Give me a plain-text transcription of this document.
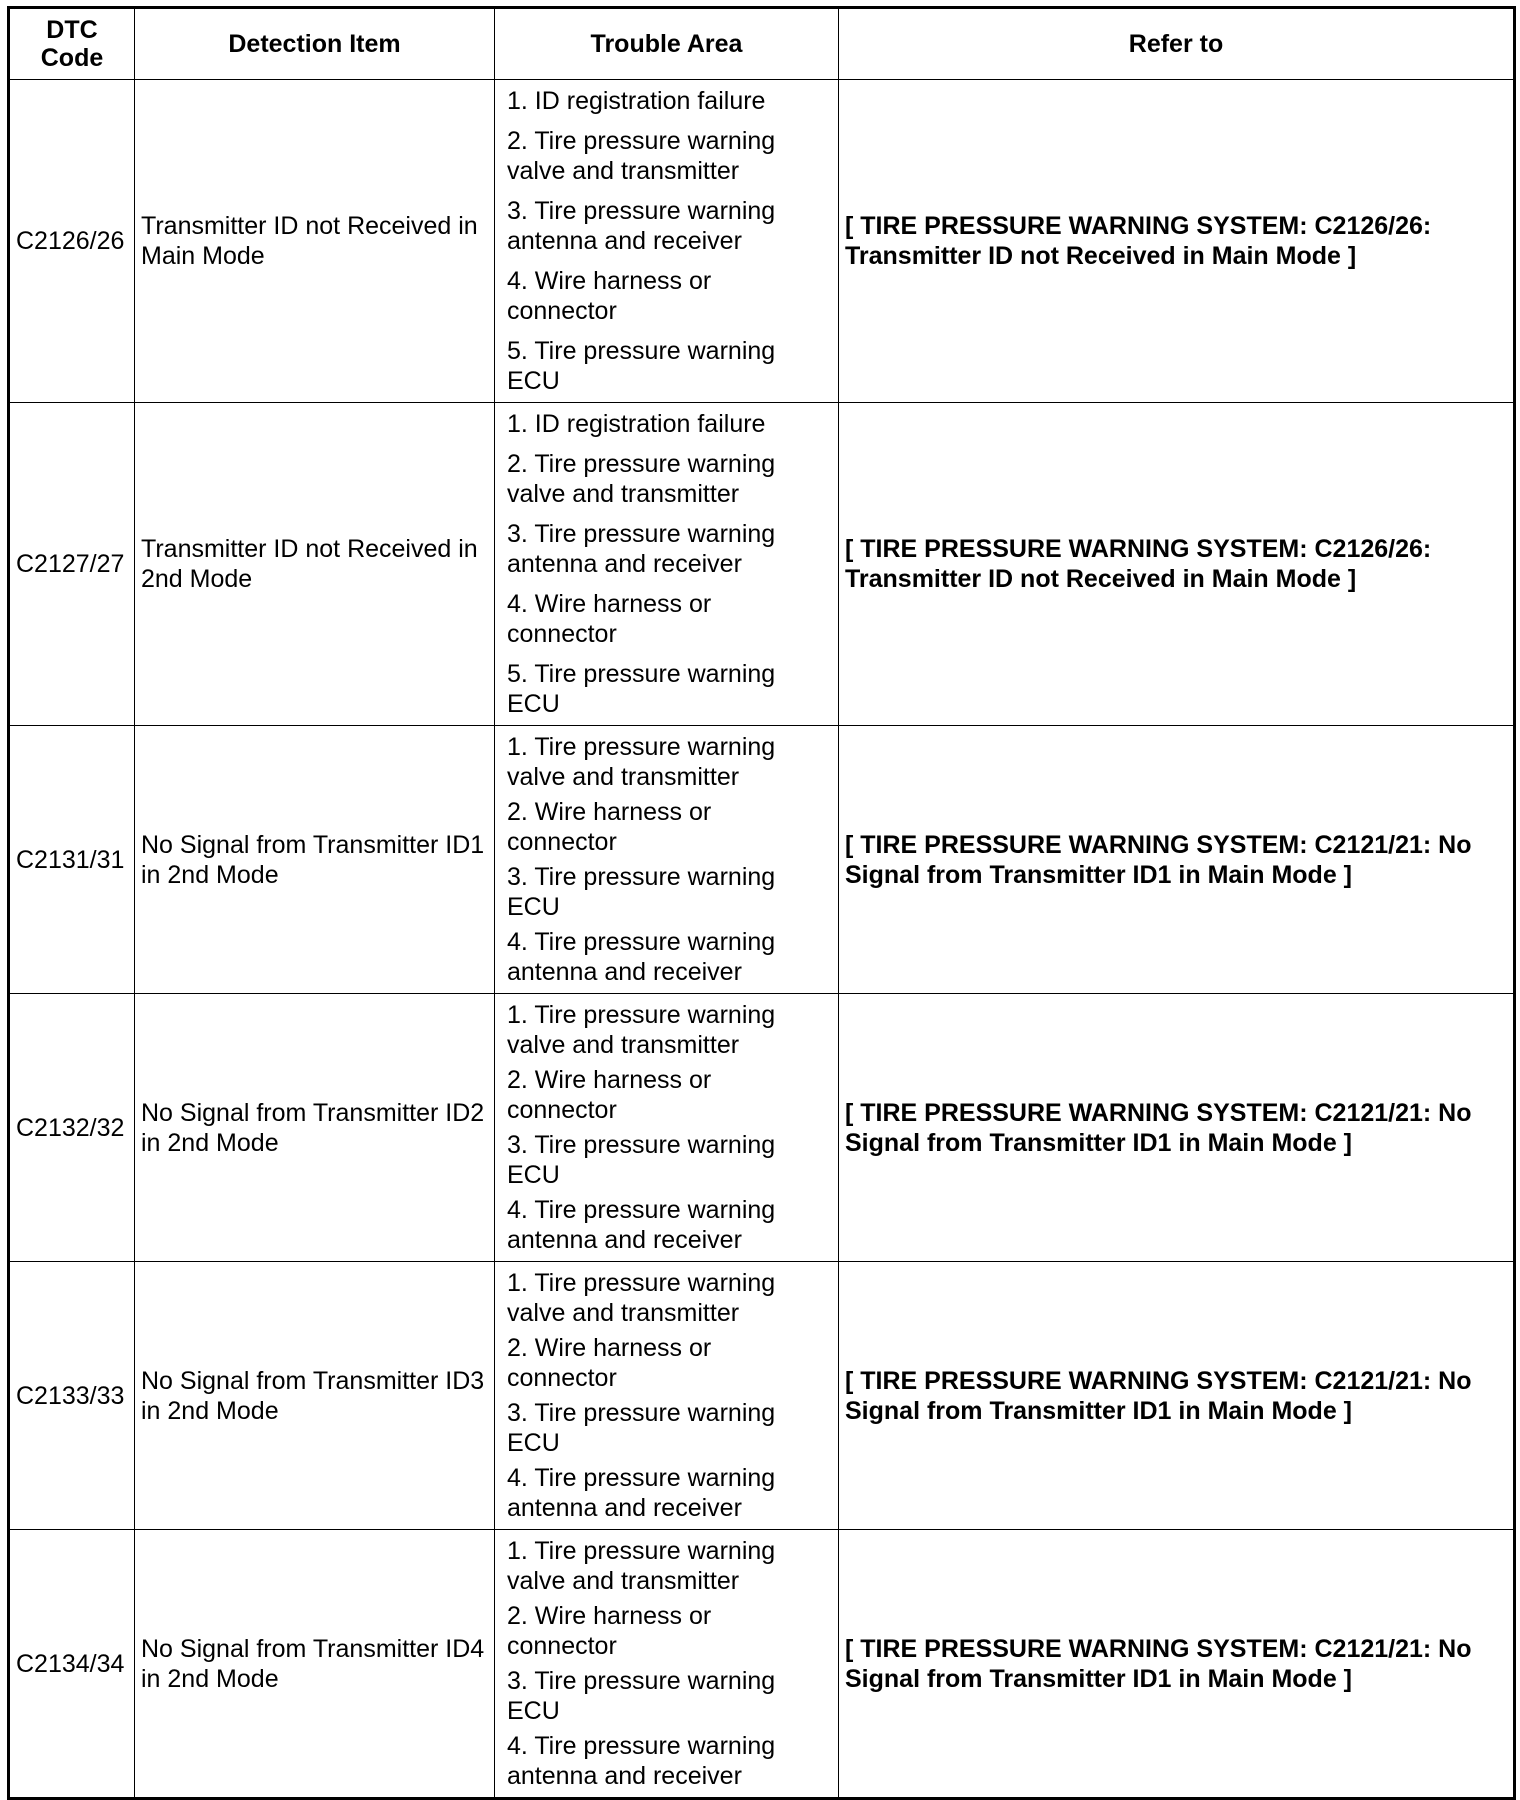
DTC Code	Detection Item	Trouble Area	Refer to
C2126/26	Transmitter ID not Received in Main Mode	1. ID registration failure
2. Tire pressure warning valve and transmitter
3. Tire pressure warning antenna and receiver
4. Wire harness or connector
5. Tire pressure warning ECU	[ TIRE PRESSURE WARNING SYSTEM: C2126/26: Transmitter ID not Received in Main Mode ]
C2127/27	Transmitter ID not Received in 2nd Mode	1. ID registration failure
2. Tire pressure warning valve and transmitter
3. Tire pressure warning antenna and receiver
4. Wire harness or connector
5. Tire pressure warning ECU	[ TIRE PRESSURE WARNING SYSTEM: C2126/26: Transmitter ID not Received in Main Mode ]
C2131/31	No Signal from Transmitter ID1 in 2nd Mode	1. Tire pressure warning valve and transmitter
2. Wire harness or connector
3. Tire pressure warning ECU
4. Tire pressure warning antenna and receiver	[ TIRE PRESSURE WARNING SYSTEM: C2121/21: No Signal from Transmitter ID1 in Main Mode ]
C2132/32	No Signal from Transmitter ID2 in 2nd Mode	1. Tire pressure warning valve and transmitter
2. Wire harness or connector
3. Tire pressure warning ECU
4. Tire pressure warning antenna and receiver	[ TIRE PRESSURE WARNING SYSTEM: C2121/21: No Signal from Transmitter ID1 in Main Mode ]
C2133/33	No Signal from Transmitter ID3 in 2nd Mode	1. Tire pressure warning valve and transmitter
2. Wire harness or connector
3. Tire pressure warning ECU
4. Tire pressure warning antenna and receiver	[ TIRE PRESSURE WARNING SYSTEM: C2121/21: No Signal from Transmitter ID1 in Main Mode ]
C2134/34	No Signal from Transmitter ID4 in 2nd Mode	1. Tire pressure warning valve and transmitter
2. Wire harness or connector
3. Tire pressure warning ECU
4. Tire pressure warning antenna and receiver	[ TIRE PRESSURE WARNING SYSTEM: C2121/21: No Signal from Transmitter ID1 in Main Mode ]
